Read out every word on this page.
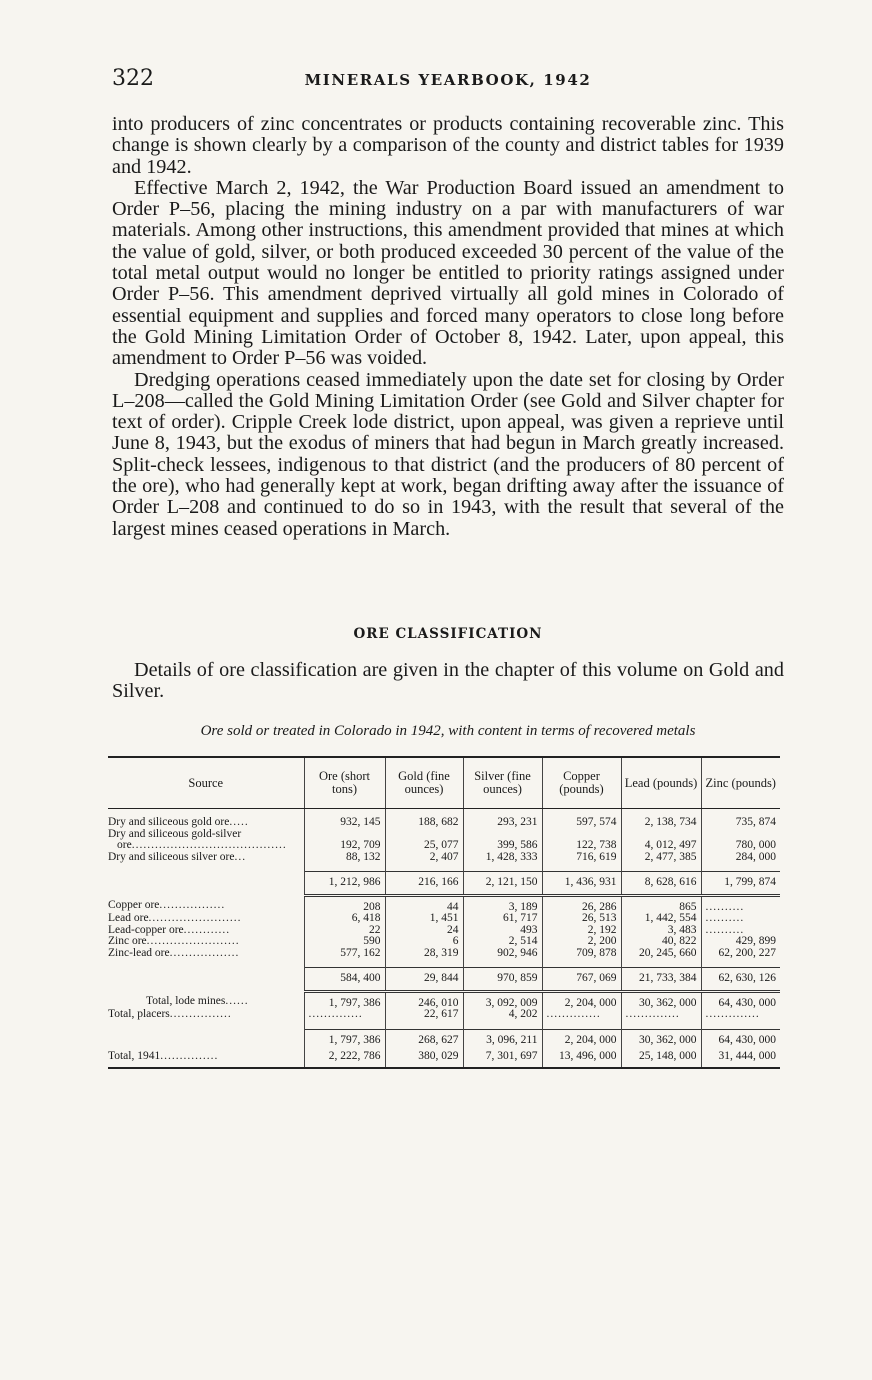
322	MINERALS YEARBOOK, 1942

into producers of zinc concentrates or products containing recoverable zinc. This change is shown clearly by a comparison of the county and district tables for 1939 and 1942.

Effective March 2, 1942, the War Production Board issued an amendment to Order P–56, placing the mining industry on a par with manufacturers of war materials. Among other instructions, this amendment provided that mines at which the value of gold, silver, or both produced exceeded 30 percent of the value of the total metal output would no longer be entitled to priority ratings assigned under Order P–56. This amendment deprived virtually all gold mines in Colorado of essential equipment and supplies and forced many operators to close long before the Gold Mining Limitation Order of October 8, 1942. Later, upon appeal, this amendment to Order P–56 was voided.

Dredging operations ceased immediately upon the date set for closing by Order L–208—called the Gold Mining Limitation Order (see Gold and Silver chapter for text of order). Cripple Creek lode district, upon appeal, was given a reprieve until June 8, 1943, but the exodus of miners that had begun in March greatly increased. Split-check lessees, indigenous to that district (and the producers of 80 percent of the ore), who had generally kept at work, began drifting away after the issuance of Order L–208 and continued to do so in 1943, with the result that several of the largest mines ceased operations in March.

ORE CLASSIFICATION

Details of ore classification are given in the chapter of this volume on Gold and Silver.

Ore sold or treated in Colorado in 1942, with content in terms of recovered metals
Source	Ore (short tons)	Gold (fine ounces)	Silver (fine ounces)	Copper (pounds)	Lead (pounds)	Zinc (pounds)

Dry and siliceous gold ore.....	932, 145	188, 682	293, 231	597, 574	2, 138, 734	735, 874
Dry and siliceous gold-silver						
ore........................................	192, 709	25, 077	399, 586	122, 738	4, 012, 497	780, 000
Dry and siliceous silver ore...	88, 132	2, 407	1, 428, 333	716, 619	2, 477, 385	284, 000

	1, 212, 986	216, 166	2, 121, 150	1, 436, 931	8, 628, 616	1, 799, 874
Copper ore.................	208	44	3, 189	26, 286	865	..........
Lead ore........................	6, 418	1, 451	61, 717	26, 513	1, 442, 554	..........
Lead-copper ore............	22	24	493	2, 192	3, 483	..........
Zinc ore........................	590	6	2, 514	2, 200	40, 822	429, 899
Zinc-lead ore..................	577, 162	28, 319	902, 946	709, 878	20, 245, 660	62, 200, 227

	584, 400	29, 844	970, 859	767, 069	21, 733, 384	62, 630, 126
Total, lode mines......	1, 797, 386	246, 010	3, 092, 009	2, 204, 000	30, 362, 000	64, 430, 000
Total, placers................	..............	22, 617	4, 202	..............	..............	..............

	1, 797, 386	268, 627	3, 096, 211	2, 204, 000	30, 362, 000	64, 430, 000
Total, 1941...............	2, 222, 786	380, 029	7, 301, 697	13, 496, 000	25, 148, 000	31, 444, 000
